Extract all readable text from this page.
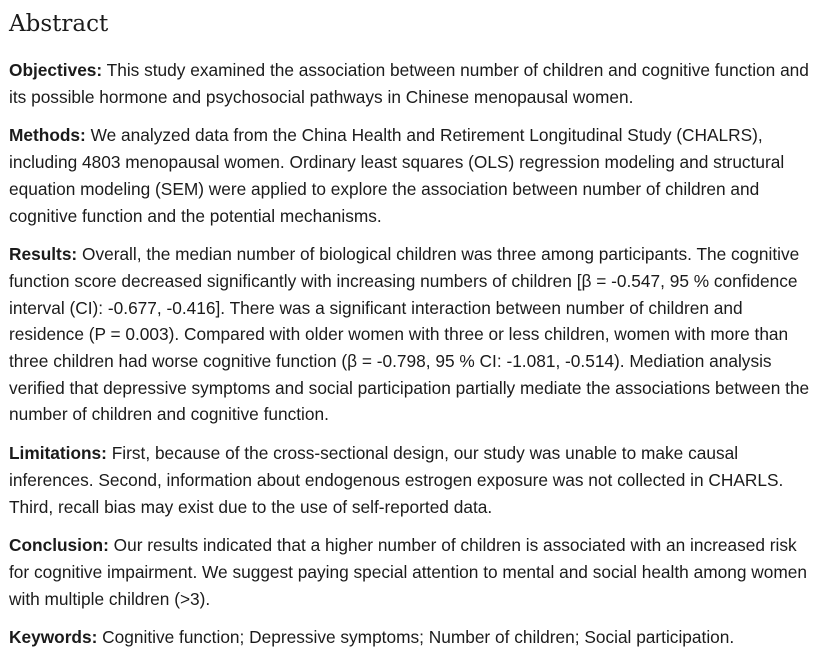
Abstract

Objectives: This study examined the association between number of children and cognitive function and its possible hormone and psychosocial pathways in Chinese menopausal women.

Methods: We analyzed data from the China Health and Retirement Longitudinal Study (CHALRS), including 4803 menopausal women. Ordinary least squares (OLS) regression modeling and structural equation modeling (SEM) were applied to explore the association between number of children and cognitive function and the potential mechanisms.

Results: Overall, the median number of biological children was three among participants. The cognitive function score decreased significantly with increasing numbers of children [β = -0.547, 95 % confidence interval (CI): -0.677, -0.416]. There was a significant interaction between number of children and residence (P = 0.003). Compared with older women with three or less children, women with more than three children had worse cognitive function (β = -0.798, 95 % CI: -1.081, -0.514). Mediation analysis verified that depressive symptoms and social participation partially mediate the associations between the number of children and cognitive function.

Limitations: First, because of the cross-sectional design, our study was unable to make causal inferences. Second, information about endogenous estrogen exposure was not collected in CHARLS. Third, recall bias may exist due to the use of self-reported data.

Conclusion: Our results indicated that a higher number of children is associated with an increased risk for cognitive impairment. We suggest paying special attention to mental and social health among women with multiple children (>3).

Keywords: Cognitive function; Depressive symptoms; Number of children; Social participation.
